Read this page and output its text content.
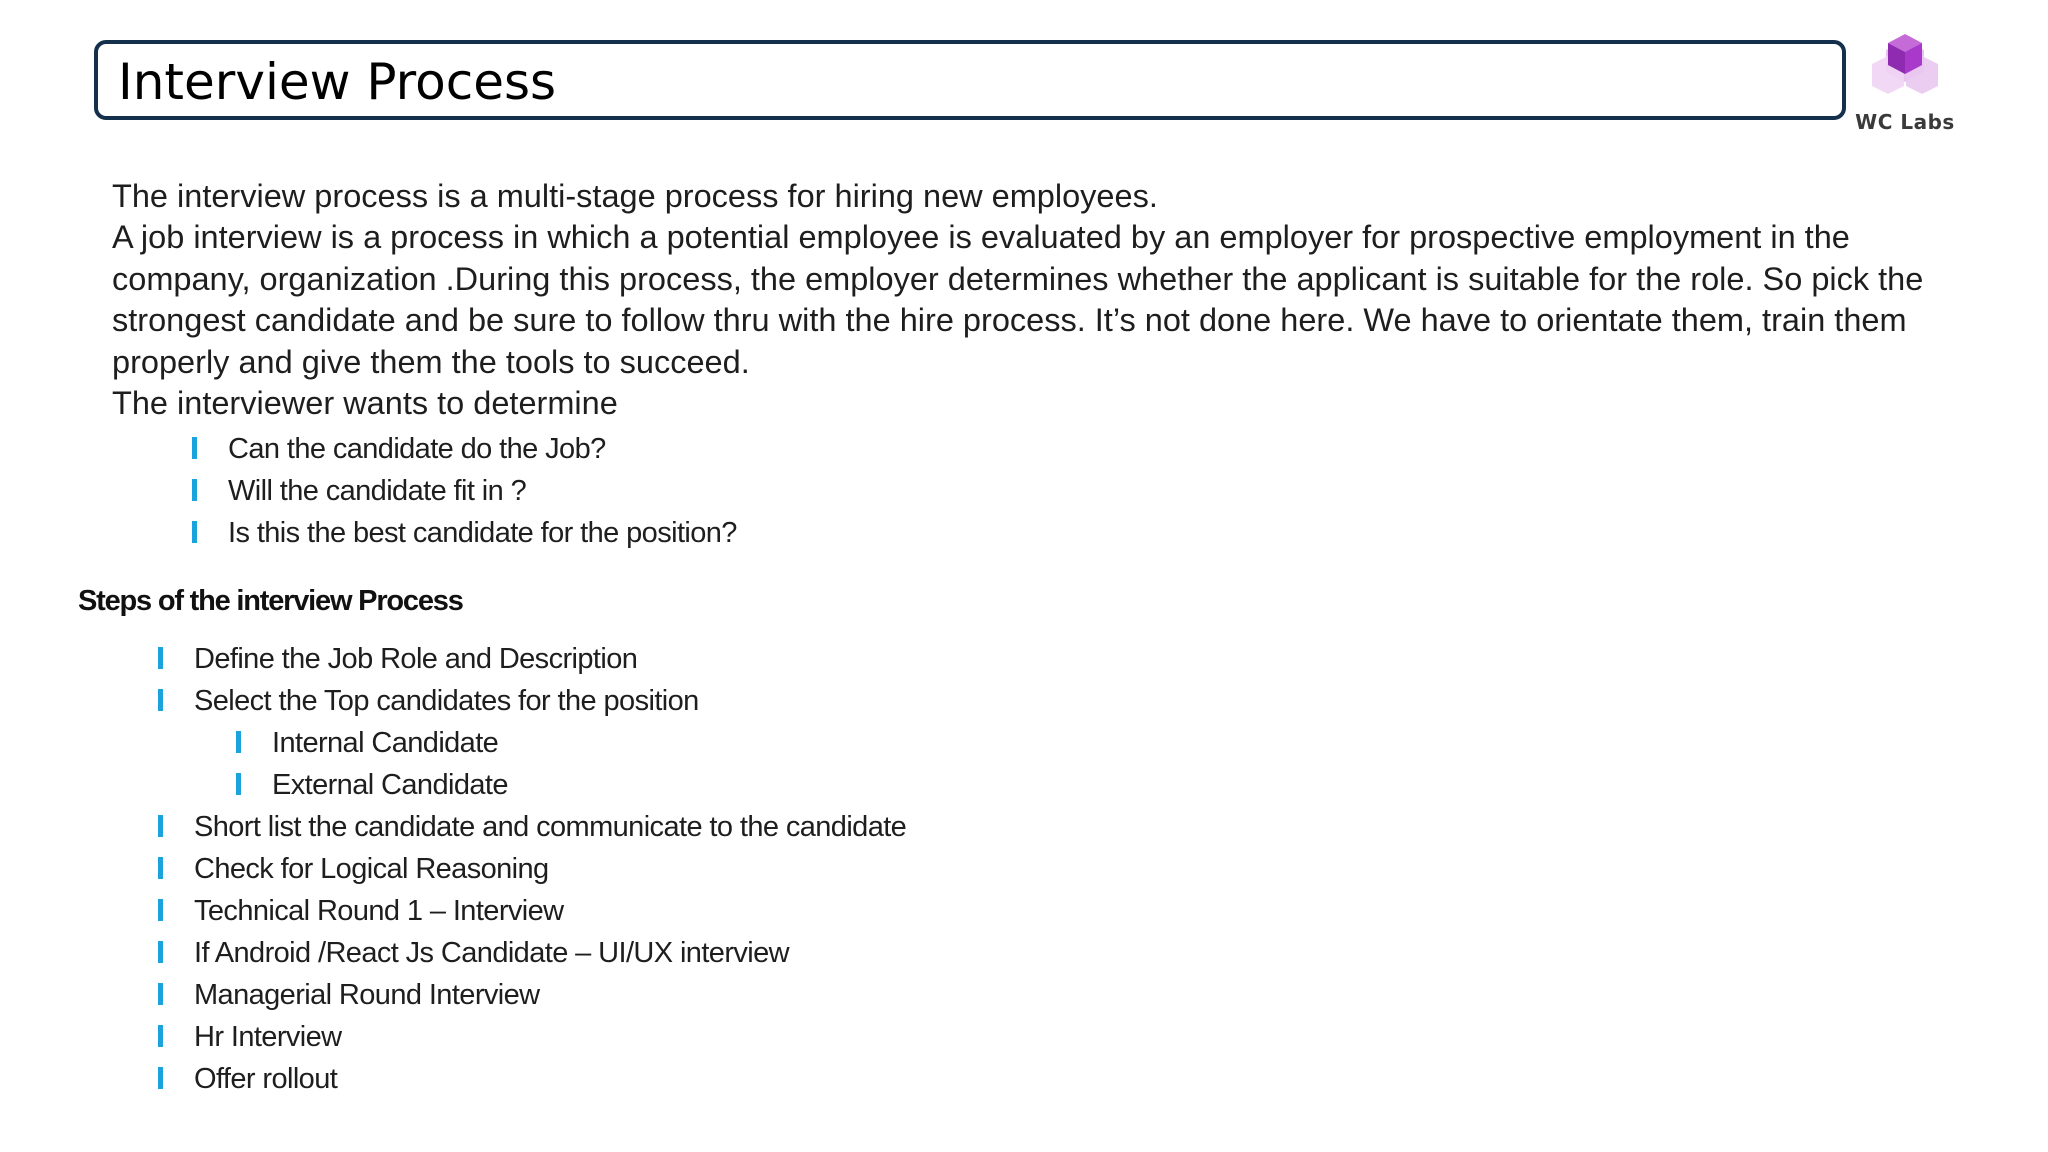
Interview Process
WC Labs

The interview process is a multi-stage process for hiring new employees.

A job interview is a process in which a potential employee is evaluated by an employer for prospective employment in the company, organization .During this process, the employer determines whether the applicant is suitable for the role. So pick the strongest candidate and be sure to follow thru with the hire process. It’s not done here. We have to orientate them, train them properly and give them the tools to succeed.

The interviewer wants to determine

Can the candidate do the Job?
Will the candidate fit in ?
Is this the best candidate for the position?
Steps of the interview Process
Define the Job Role and Description
Select the Top candidates for the position
Internal Candidate
External Candidate
Short list the candidate and communicate to the candidate
Check for Logical Reasoning
Technical Round 1 – Interview
If Android /React Js Candidate – UI/UX interview
Managerial Round Interview
Hr Interview
Offer rollout
